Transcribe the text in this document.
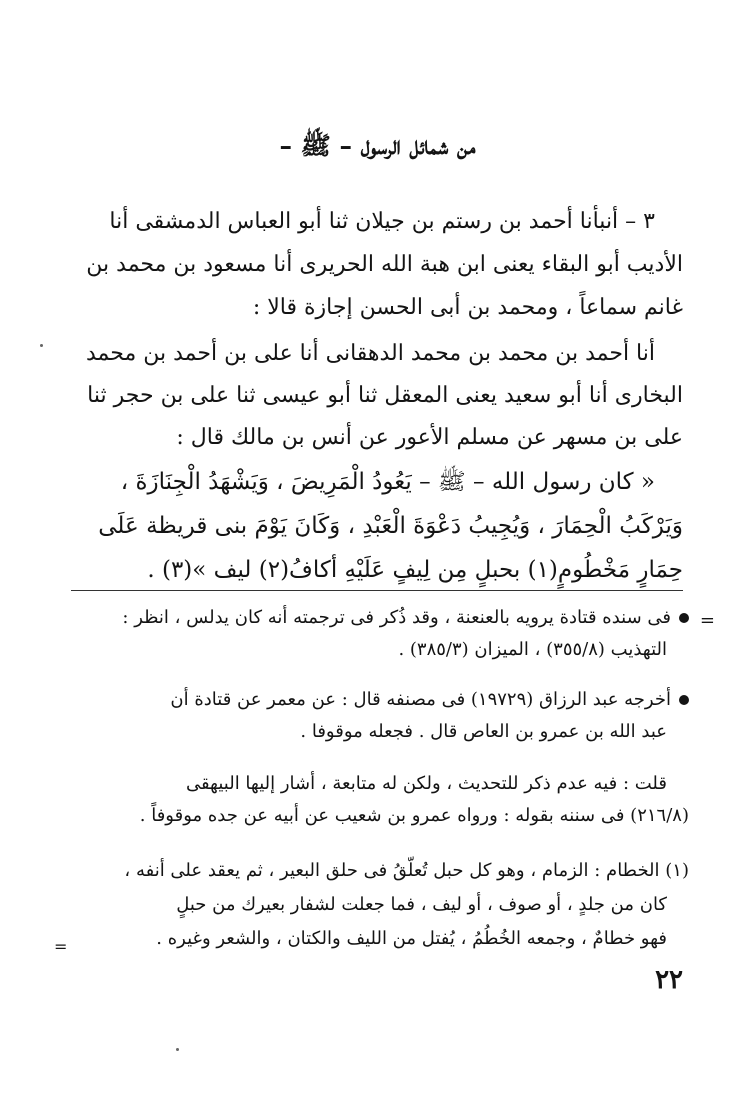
من شمائل الرسول – ﷺ –
٣ – أنبأنا أحمد بن رستم بن جيلان ثنا أبو العباس الدمشقى أنا
الأديب أبو البقاء يعنى ابن هبة الله الحريرى أنا مسعود بن محمد بن
غانم سماعاً ، ومحمد بن أبى الحسن إجازة قالا :
أنا أحمد بن محمد بن محمد الدهقانى أنا على بن أحمد بن محمد
البخارى أنا أبو سعيد يعنى المعقل ثنا أبو عيسى ثنا على بن حجر ثنا
على بن مسهر عن مسلم الأعور عن أنس بن مالك قال :
« كان رسول الله – ﷺ – يَعُودُ الْمَرِيضَ ، وَيَشْهَدُ الْجِنَازَةَ ،
وَيَرْكَبُ الْحِمَارَ ، وَيُجِيبُ دَعْوَةَ الْعَبْدِ ، وَكَانَ يَوْمَ بنى قريظة عَلَى
حِمَارٍ مَخْطُومٍ(١) بحبلٍ مِن لِيفٍ عَلَيْهِ أكافُ(٢) ليف »(٣) .
=
فى سنده قتادة يرويه بالعنعنة ، وقد ذُكر فى ترجمته أنه كان يدلس ، انظر :
التهذيب (٣٥٥/٨) ، الميزان (٣٨٥/٣) .
أخرجه عبد الرزاق (١٩٧٢٩) فى مصنفه قال : عن معمر عن قتادة أن
عبد الله بن عمرو بن العاص قال . فجعله موقوفا .
قلت : فيه عدم ذكر للتحديث ، ولكن له متابعة ، أشار إليها البيهقى
(٢١٦/٨) فى سننه بقوله : ورواه عمرو بن شعيب عن أبيه عن جده موقوفاً .
(١) الخطام : الزمام ، وهو كل حبل تُعلّقُ فى حلق البعير ، ثم يعقد على أنفه ،
كان من جلدٍ ، أو صوف ، أو ليف ، فما جعلت لشفار بعيرك من حبلٍ
فهو خطامٌ ، وجمعه الخُطُمُ ، يُفتل من الليف والكتان ، والشعر وغيره .
=
٢٢
